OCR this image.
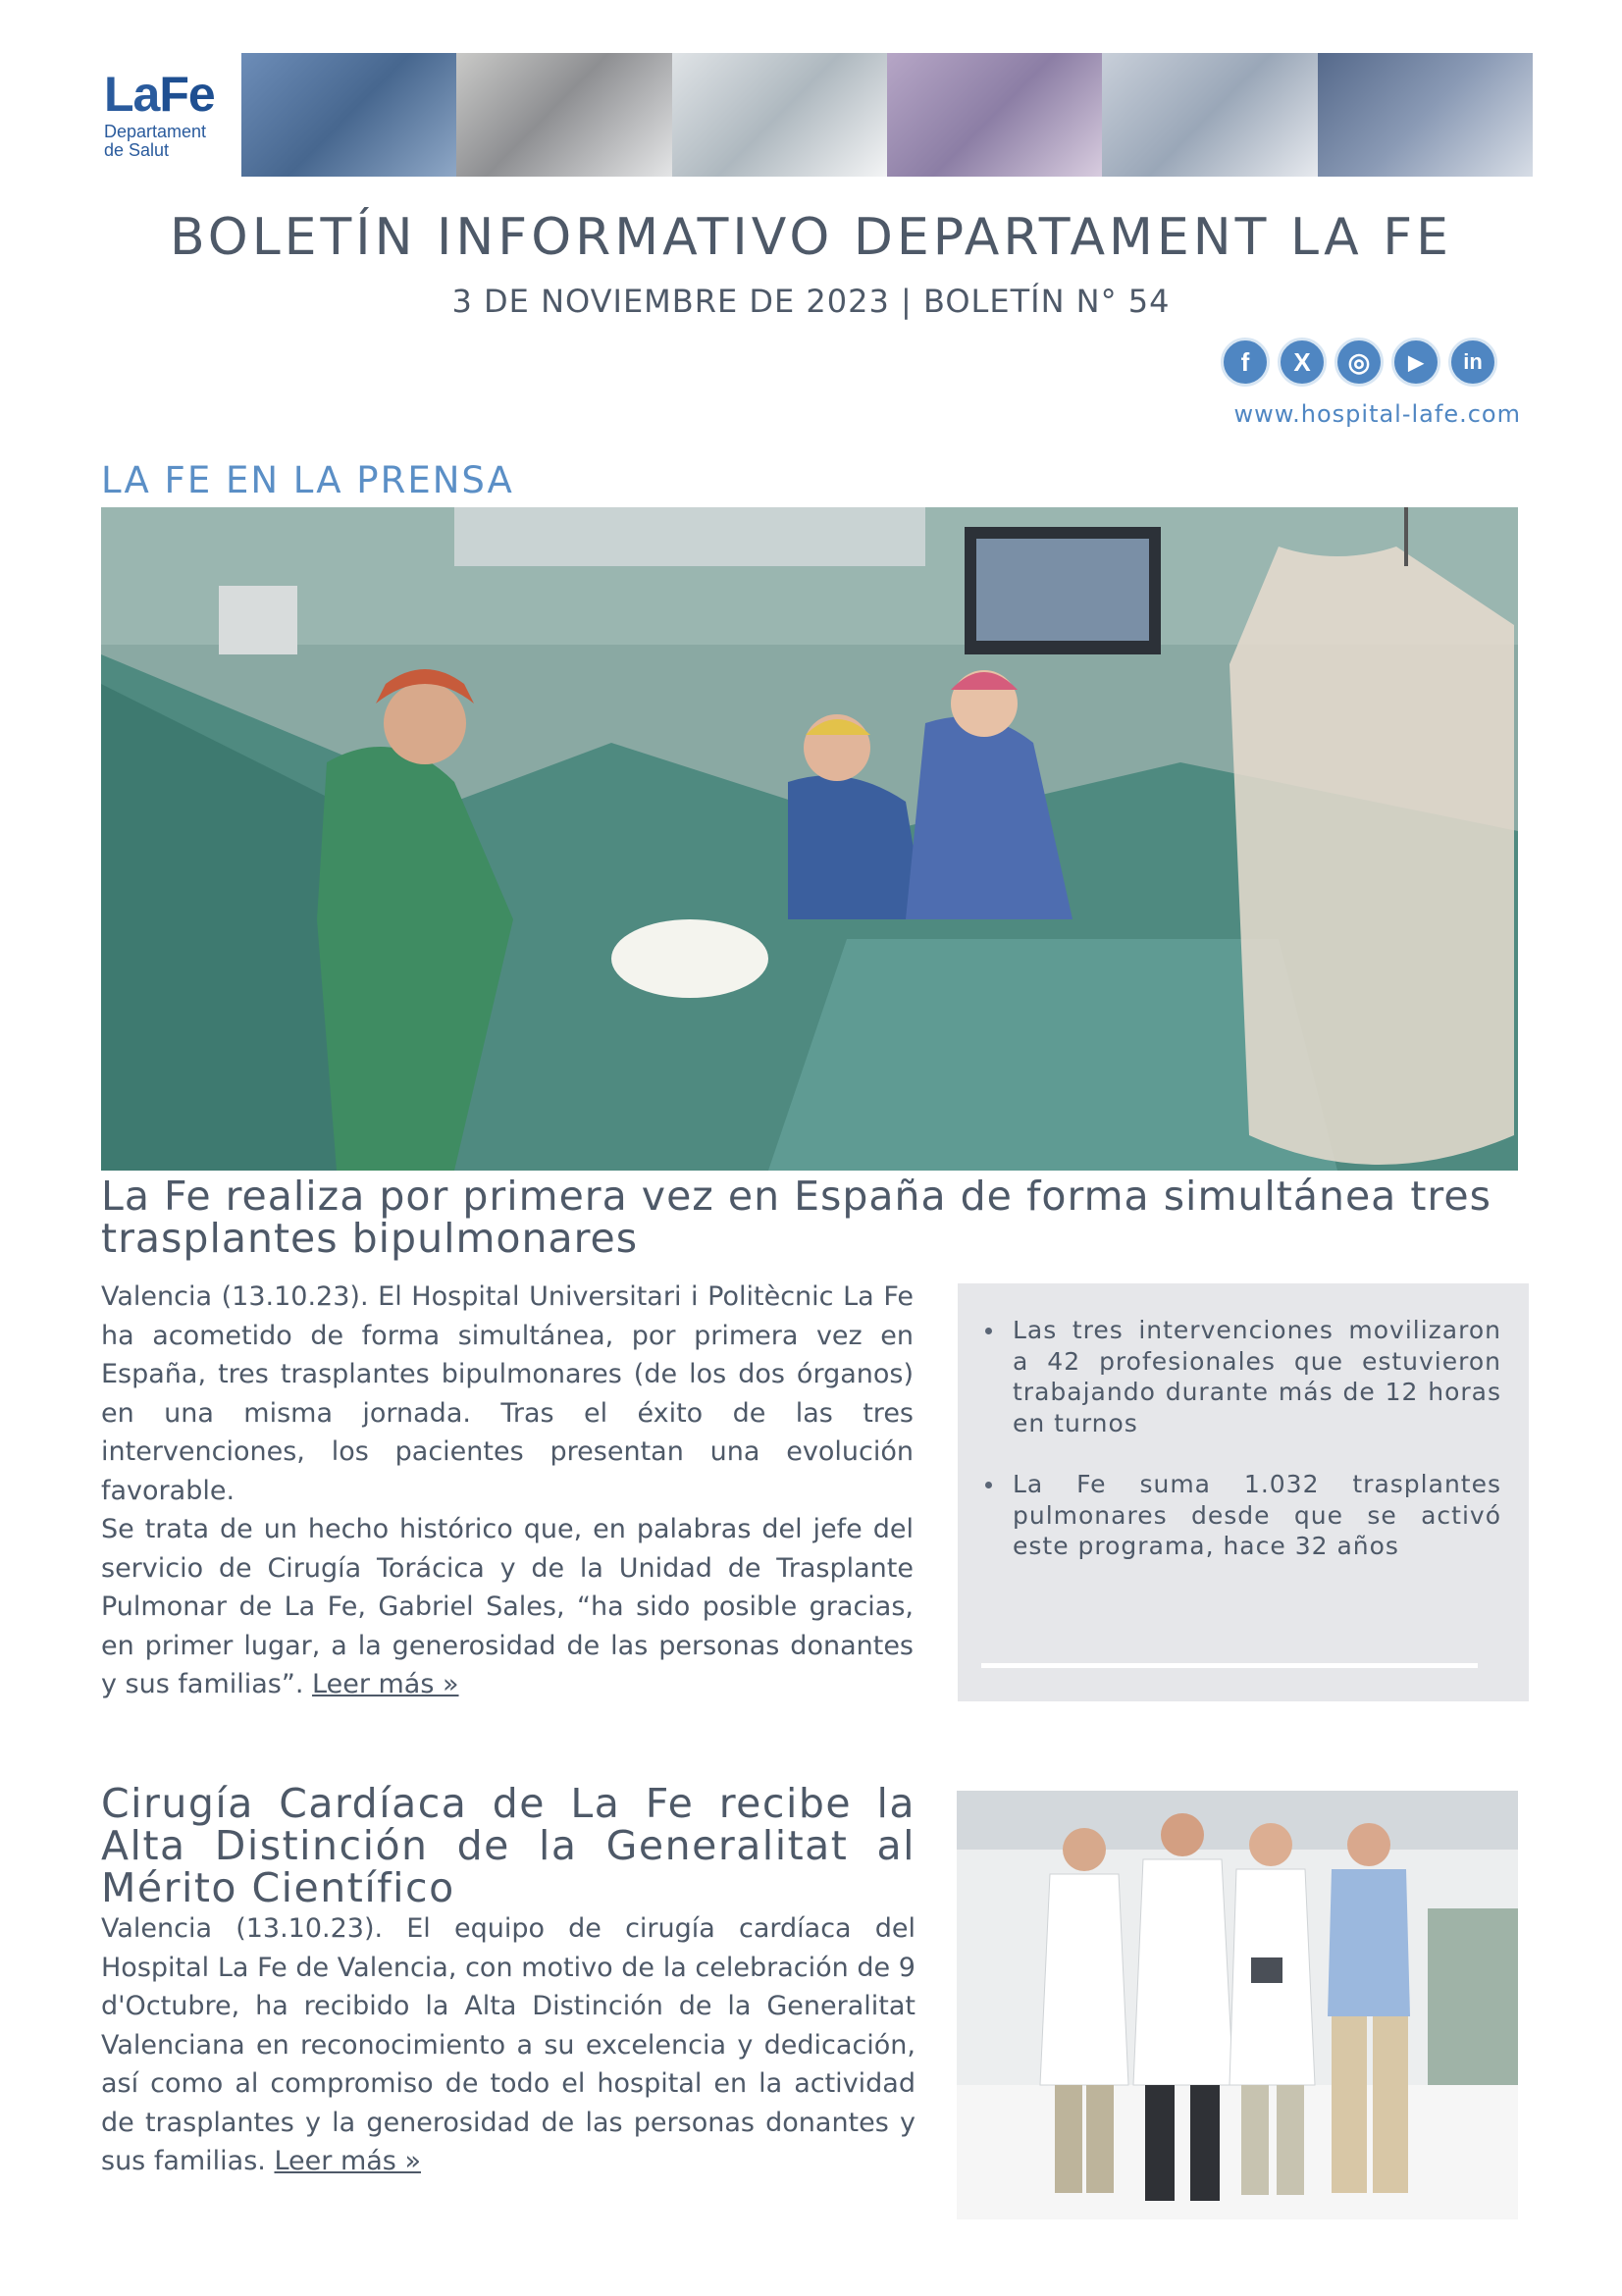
LaFe
Departament
de Salut
BOLETÍN INFORMATIVO DEPARTAMENT LA FE
3 DE NOVIEMBRE DE 2023 | BOLETÍN N° 54
f	X	◎	▶	in
www.hospital-lafe.com
LA FE EN LA PRENSA
La Fe realiza por primera vez en España de forma simultánea tres trasplantes bipulmonares
Valencia (13.10.23). El Hospital Universitari i Politècnic La Fe ha acometido de forma simultánea, por primera vez en España, tres trasplantes bipulmonares (de los dos órganos) en una misma jornada. Tras el éxito de las tres intervenciones, los pacientes presentan una evolución favorable.
Se trata de un hecho histórico que, en palabras del jefe del servicio de Cirugía Torácica y de la Unidad de Trasplante Pulmonar de La Fe, Gabriel Sales, “ha sido posible gracias, en primer lugar, a la generosidad de las personas donantes y sus familias”. Leer más »
Las tres intervenciones movilizaron a 42 profesionales que estuvieron trabajando durante más de 12 horas en turnos
La Fe suma 1.032 trasplantes pulmonares desde que se activó este programa, hace 32 años
Cirugía Cardíaca de La Fe recibe la Alta Distinción de la Generalitat al Mérito Científico
Valencia (13.10.23). El equipo de cirugía cardíaca del Hospital La Fe de Valencia, con motivo de la celebración de 9 d'Octubre, ha recibido la Alta Distinción de la Generalitat Valenciana en reconocimiento a su excelencia y dedicación, así como al compromiso de todo el hospital en la actividad de trasplantes y la generosidad de las personas donantes y sus familias. Leer más »
